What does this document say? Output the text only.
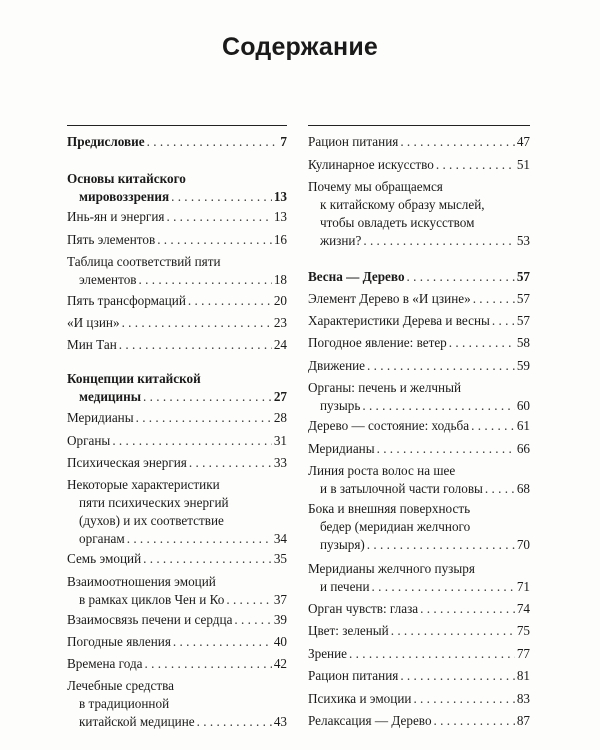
Содержание
Предисловие . . .	7
Основы китайского
мировоззрения . . .	13
Инь-ян и энергия . . .	13
Пять элементов . . .	16
Таблица соответствий пяти
элементов . . .	18
Пять трансформаций . . .	20
«И цзин» . . .	23
Мин Тан . . .	24
Концепции китайской
медицины . . .	27
Меридианы . . .	28
Органы . . .	31
Психическая энергия . . .	33
Некоторые характеристики
пяти психических энергий
(духов) и их соответствие
органам . . .	34
Семь эмоций . . .	35
Взаимоотношения эмоций
в рамках циклов Чен и Ко . . .	37
Взаимосвязь печени и сердца . . .	39
Погодные явления . . .	40
Времена года . . .	42
Лечебные средства
в традиционной
китайской медицине . . .	43
Рацион питания . . .	47
Кулинарное искусство . . .	51
Почему мы обращаемся
к китайскому образу мыслей,
чтобы овладеть искусством
жизни? . . .	53
Весна — Дерево . . .	57
Элемент Дерево в «И цзине» . . .	57
Характеристики Дерева и весны . . . 57
Погодное явление: ветер . . .	58
Движение . . .	59
Органы: печень и желчный
пузырь . . .	60
Дерево — состояние: ходьба . . .	61
Меридианы . . .	66
Линия роста волос на шее
и в затылочной части головы . . .	68
Бока и внешняя поверхность
бедер (меридиан желчного
пузыря) . . .	70
Меридианы желчного пузыря
и печени . . .	71
Орган чувств: глаза . . .	74
Цвет: зеленый . . .	75
Зрение . . .	77
Рацион питания . . .	81
Психика и эмоции . . .	83
Релаксация — Дерево . . .	87
